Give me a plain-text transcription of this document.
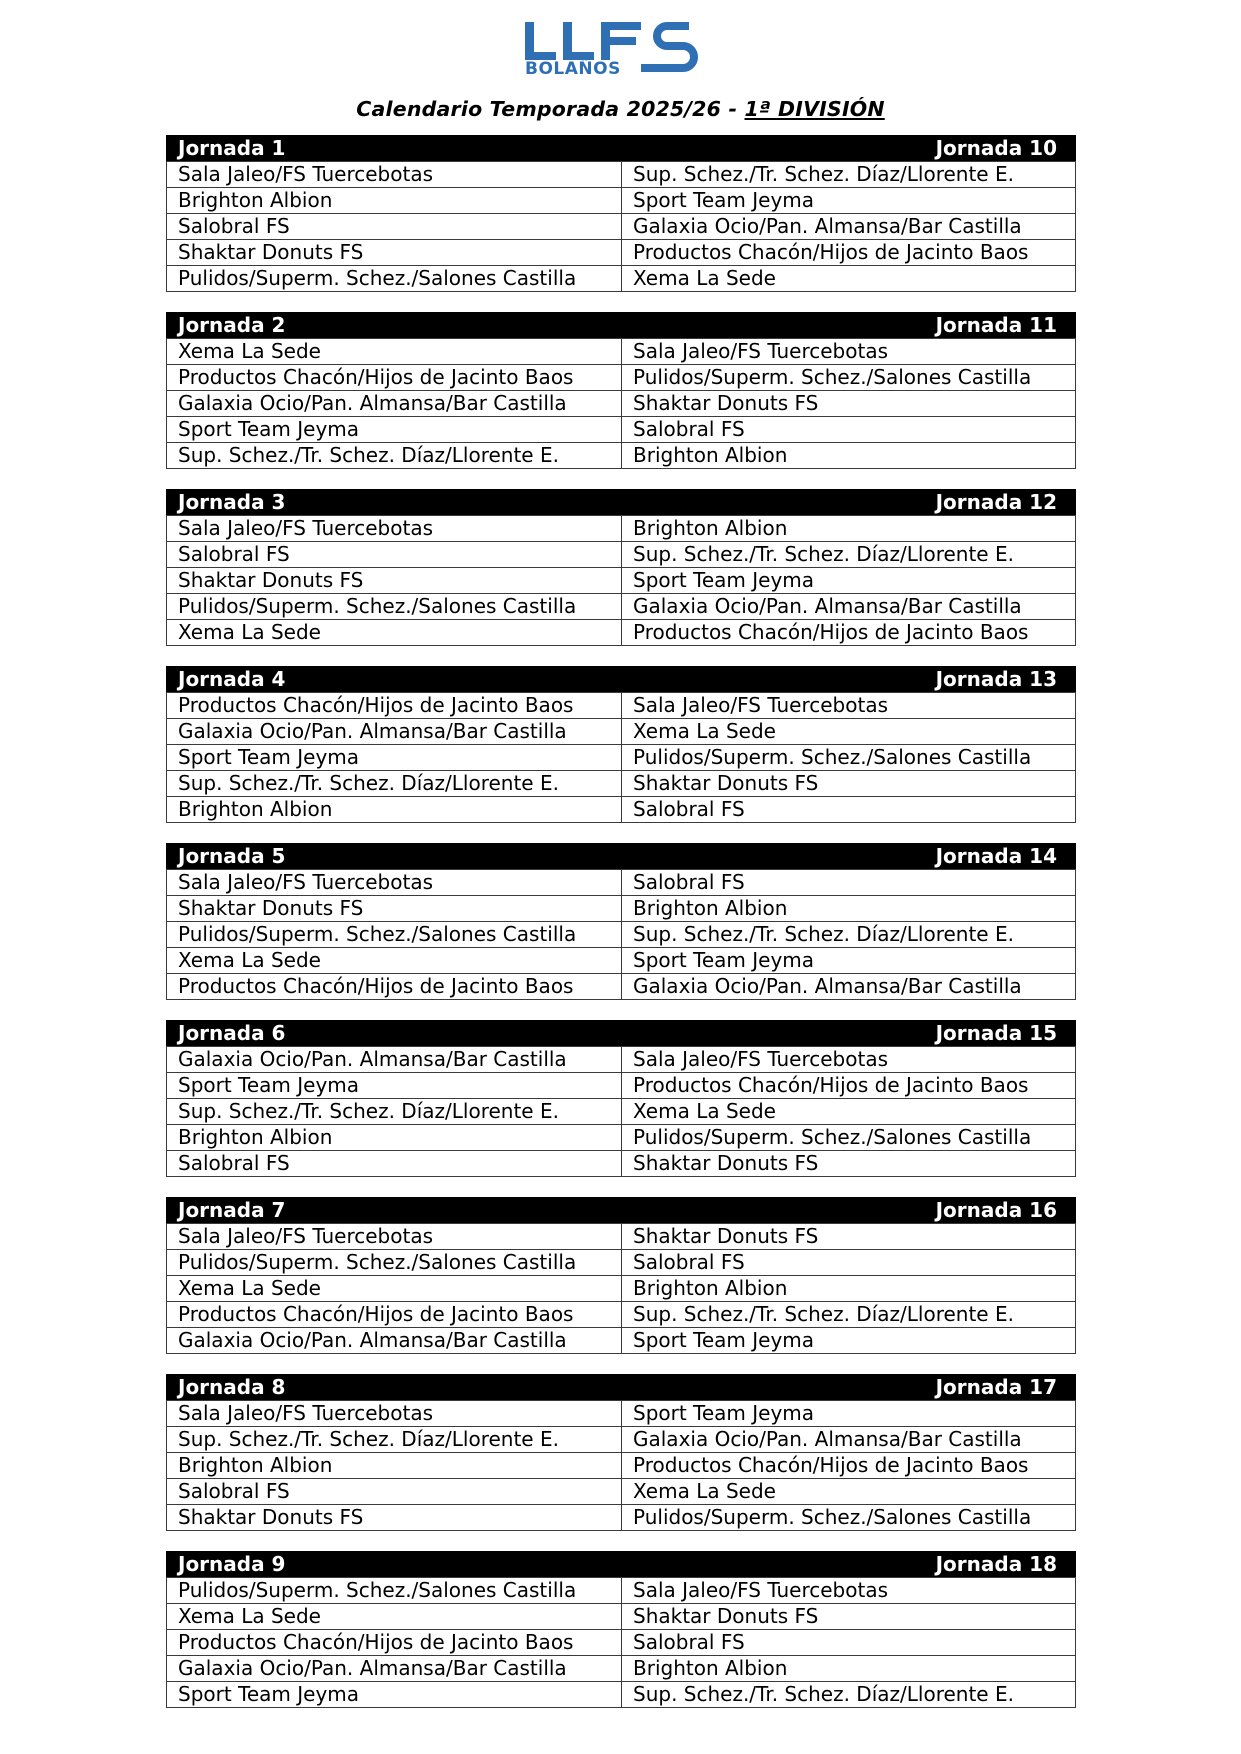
BOLAÑOS
Calendario Temporada 2025/26 - 1ª DIVISIÓN
Jornada 1	Jornada 10
Sala Jaleo/FS Tuercebotas	Sup. Schez./Tr. Schez. Díaz/Llorente E.
Brighton Albion	Sport Team Jeyma
Salobral FS	Galaxia Ocio/Pan. Almansa/Bar Castilla
Shaktar Donuts FS	Productos Chacón/Hijos de Jacinto Baos
Pulidos/Superm. Schez./Salones Castilla	Xema La Sede
Jornada 2	Jornada 11
Xema La Sede	Sala Jaleo/FS Tuercebotas
Productos Chacón/Hijos de Jacinto Baos	Pulidos/Superm. Schez./Salones Castilla
Galaxia Ocio/Pan. Almansa/Bar Castilla	Shaktar Donuts FS
Sport Team Jeyma	Salobral FS
Sup. Schez./Tr. Schez. Díaz/Llorente E.	Brighton Albion
Jornada 3	Jornada 12
Sala Jaleo/FS Tuercebotas	Brighton Albion
Salobral FS	Sup. Schez./Tr. Schez. Díaz/Llorente E.
Shaktar Donuts FS	Sport Team Jeyma
Pulidos/Superm. Schez./Salones Castilla	Galaxia Ocio/Pan. Almansa/Bar Castilla
Xema La Sede	Productos Chacón/Hijos de Jacinto Baos
Jornada 4	Jornada 13
Productos Chacón/Hijos de Jacinto Baos	Sala Jaleo/FS Tuercebotas
Galaxia Ocio/Pan. Almansa/Bar Castilla	Xema La Sede
Sport Team Jeyma	Pulidos/Superm. Schez./Salones Castilla
Sup. Schez./Tr. Schez. Díaz/Llorente E.	Shaktar Donuts FS
Brighton Albion	Salobral FS
Jornada 5	Jornada 14
Sala Jaleo/FS Tuercebotas	Salobral FS
Shaktar Donuts FS	Brighton Albion
Pulidos/Superm. Schez./Salones Castilla	Sup. Schez./Tr. Schez. Díaz/Llorente E.
Xema La Sede	Sport Team Jeyma
Productos Chacón/Hijos de Jacinto Baos	Galaxia Ocio/Pan. Almansa/Bar Castilla
Jornada 6	Jornada 15
Galaxia Ocio/Pan. Almansa/Bar Castilla	Sala Jaleo/FS Tuercebotas
Sport Team Jeyma	Productos Chacón/Hijos de Jacinto Baos
Sup. Schez./Tr. Schez. Díaz/Llorente E.	Xema La Sede
Brighton Albion	Pulidos/Superm. Schez./Salones Castilla
Salobral FS	Shaktar Donuts FS
Jornada 7	Jornada 16
Sala Jaleo/FS Tuercebotas	Shaktar Donuts FS
Pulidos/Superm. Schez./Salones Castilla	Salobral FS
Xema La Sede	Brighton Albion
Productos Chacón/Hijos de Jacinto Baos	Sup. Schez./Tr. Schez. Díaz/Llorente E.
Galaxia Ocio/Pan. Almansa/Bar Castilla	Sport Team Jeyma
Jornada 8	Jornada 17
Sala Jaleo/FS Tuercebotas	Sport Team Jeyma
Sup. Schez./Tr. Schez. Díaz/Llorente E.	Galaxia Ocio/Pan. Almansa/Bar Castilla
Brighton Albion	Productos Chacón/Hijos de Jacinto Baos
Salobral FS	Xema La Sede
Shaktar Donuts FS	Pulidos/Superm. Schez./Salones Castilla
Jornada 9	Jornada 18
Pulidos/Superm. Schez./Salones Castilla	Sala Jaleo/FS Tuercebotas
Xema La Sede	Shaktar Donuts FS
Productos Chacón/Hijos de Jacinto Baos	Salobral FS
Galaxia Ocio/Pan. Almansa/Bar Castilla	Brighton Albion
Sport Team Jeyma	Sup. Schez./Tr. Schez. Díaz/Llorente E.
